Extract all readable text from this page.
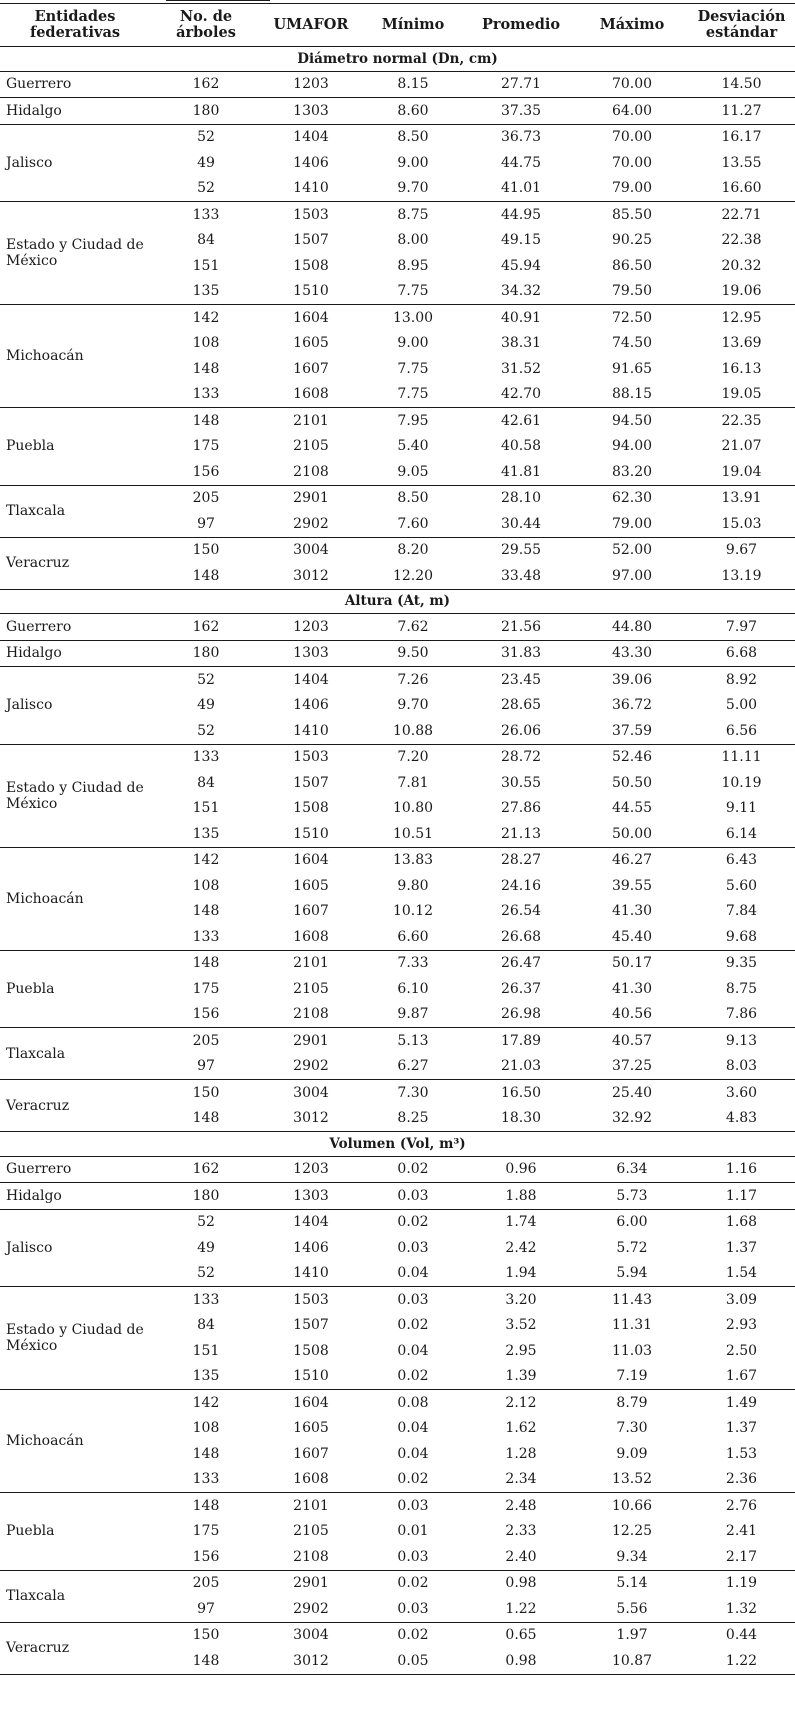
Entidades federativas	No. de árboles	UMAFOR	Mínimo	Promedio	Máximo	Desviación estándar
Diámetro normal (Dn, cm)						
Guerrero	162	1203	8.15	27.71	70.00	14.50
Hidalgo	180	1303	8.60	37.35	64.00	11.27
Jalisco	52	1404	8.50	36.73	70.00	16.17
	49	1406	9.00	44.75	70.00	13.55
	52	1410	9.70	41.01	79.00	16.60
Estado y Ciudad de México	133	1503	8.75	44.95	85.50	22.71
	84	1507	8.00	49.15	90.25	22.38
	151	1508	8.95	45.94	86.50	20.32
	135	1510	7.75	34.32	79.50	19.06
Michoacán	142	1604	13.00	40.91	72.50	12.95
	108	1605	9.00	38.31	74.50	13.69
	148	1607	7.75	31.52	91.65	16.13
	133	1608	7.75	42.70	88.15	19.05
Puebla	148	2101	7.95	42.61	94.50	22.35
	175	2105	5.40	40.58	94.00	21.07
	156	2108	9.05	41.81	83.20	19.04
Tlaxcala	205	2901	8.50	28.10	62.30	13.91
	97	2902	7.60	30.44	79.00	15.03
Veracruz	150	3004	8.20	29.55	52.00	9.67
	148	3012	12.20	33.48	97.00	13.19
Altura (At, m)						
Guerrero	162	1203	7.62	21.56	44.80	7.97
Hidalgo	180	1303	9.50	31.83	43.30	6.68
Jalisco	52	1404	7.26	23.45	39.06	8.92
	49	1406	9.70	28.65	36.72	5.00
	52	1410	10.88	26.06	37.59	6.56
Estado y Ciudad de México	133	1503	7.20	28.72	52.46	11.11
	84	1507	7.81	30.55	50.50	10.19
	151	1508	10.80	27.86	44.55	9.11
	135	1510	10.51	21.13	50.00	6.14
Michoacán	142	1604	13.83	28.27	46.27	6.43
	108	1605	9.80	24.16	39.55	5.60
	148	1607	10.12	26.54	41.30	7.84
	133	1608	6.60	26.68	45.40	9.68
Puebla	148	2101	7.33	26.47	50.17	9.35
	175	2105	6.10	26.37	41.30	8.75
	156	2108	9.87	26.98	40.56	7.86
Tlaxcala	205	2901	5.13	17.89	40.57	9.13
	97	2902	6.27	21.03	37.25	8.03
Veracruz	150	3004	7.30	16.50	25.40	3.60
	148	3012	8.25	18.30	32.92	4.83
Volumen (Vol, m³)						
Guerrero	162	1203	0.02	0.96	6.34	1.16
Hidalgo	180	1303	0.03	1.88	5.73	1.17
Jalisco	52	1404	0.02	1.74	6.00	1.68
	49	1406	0.03	2.42	5.72	1.37
	52	1410	0.04	1.94	5.94	1.54
Estado y Ciudad de México	133	1503	0.03	3.20	11.43	3.09
	84	1507	0.02	3.52	11.31	2.93
	151	1508	0.04	2.95	11.03	2.50
	135	1510	0.02	1.39	7.19	1.67
Michoacán	142	1604	0.08	2.12	8.79	1.49
	108	1605	0.04	1.62	7.30	1.37
	148	1607	0.04	1.28	9.09	1.53
	133	1608	0.02	2.34	13.52	2.36
Puebla	148	2101	0.03	2.48	10.66	2.76
	175	2105	0.01	2.33	12.25	2.41
	156	2108	0.03	2.40	9.34	2.17
Tlaxcala	205	2901	0.02	0.98	5.14	1.19
	97	2902	0.03	1.22	5.56	1.32
Veracruz	150	3004	0.02	0.65	1.97	0.44
	148	3012	0.05	0.98	10.87	1.22
